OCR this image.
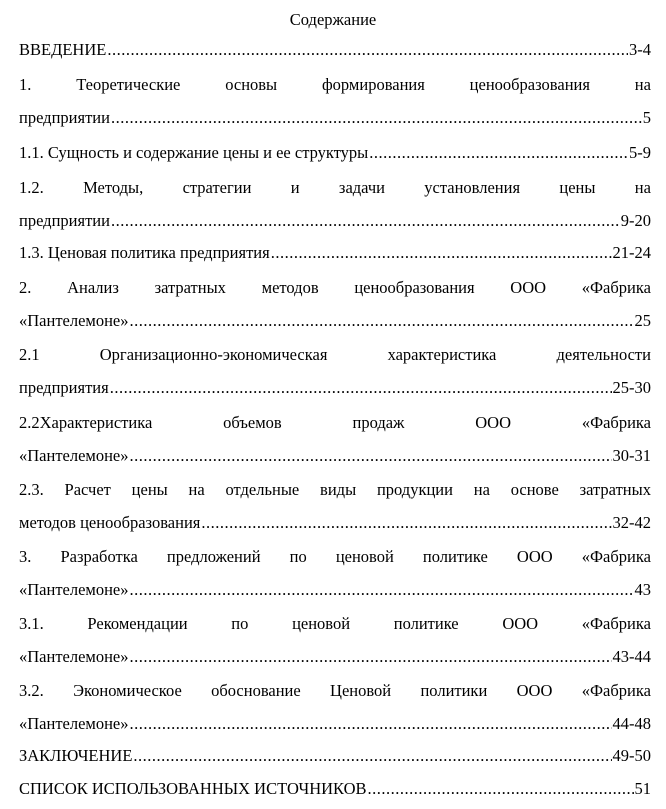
Содержание
ВВЕДЕНИЕ .....	3-4
1.	Теоретические	основы	формирования	ценообразования	на
предприятии .....	5
1.1. Сущность и содержание цены и ее структуры .....	5-9
1.2. Методы, стратегии и задачи установления цены на
предприятии .....	9-20
1.3. Ценовая политика предприятия .....	21-24
2. Анализ затратных методов ценообразования ООО «Фабрика
«Пантелемоне» .....	25
2.1	Организационно-экономическая	характеристика	деятельности
предприятия .....	25-30
2.2Характеристика	объемов	продаж	ООО	«Фабрика
«Пантелемоне» .....	30-31
2.3. Расчет цены на отдельные виды продукции на основе затратных
методов ценообразования .....	32-42
3. Разработка предложений по ценовой политике ООО «Фабрика
«Пантелемоне» .....	43
3.1.	Рекомендации	по	ценовой	политике	ООО	«Фабрика
«Пантелемоне» .....	43-44
3.2. Экономическое обоснование Ценовой политики ООО «Фабрика
«Пантелемоне» .....	44-48
ЗАКЛЮЧЕНИЕ .....	49-50
СПИСОК ИСПОЛЬЗОВАННЫХ ИСТОЧНИКОВ .....	51
